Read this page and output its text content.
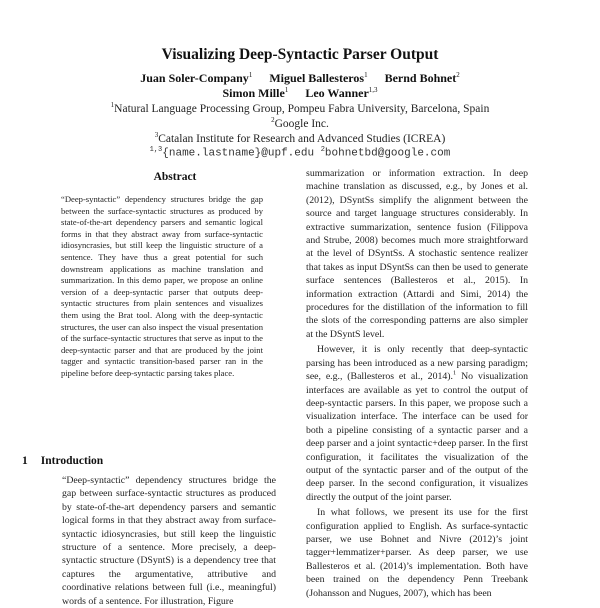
Visualizing Deep-Syntactic Parser Output
Juan Soler-Company$^1$ Miguel Ballesteros$^1$ Bernd Bohnet$^2$
Simon Mille$^1$ Leo Wanner$^{1,3}$
$^1$Natural Language Processing Group, Pompeu Fabra University, Barcelona, Spain
$^2$Google Inc.
$^3$Catalan Institute for Research and Advanced Studies (ICREA)
$^{1,3}${name.lastname}@upf.edu $^2$bohnetbd@google.com
Abstract

“Deep-syntactic” dependency structures bridge the gap between the surface-syntactic structures as produced by state-of-the-art dependency parsers and semantic logical forms in that they abstract away from surface-syntactic idiosyncrasies, but still keep the linguistic structure of a sentence. They have thus a great potential for such downstream applications as machine translation and summarization. In this demo paper, we propose an online version of a deep-syntactic parser that outputs deep-syntactic structures from plain sentences and visualizes them using the Brat tool. Along with the deep-syntactic structures, the user can also inspect the visual presentation of the surface-syntactic structures that serve as input to the deep-syntactic parser and that are produced by the joint tagger and syntactic transition-based parser ran in the pipeline before deep-syntactic parsing takes place.

1 Introduction

“Deep-syntactic” dependency structures bridge the gap between surface-syntactic structures as produced by state-of-the-art dependency parsers and semantic logical forms in that they abstract away from surface-syntactic idiosyncrasies, but still keep the linguistic structure of a sentence. More precisely, a deep-syntactic structure (DSyntS) is a dependency tree that captures the argumentative, attributive and coordinative relations between full (i.e., meaningful) words of a sentence. For illustration, Figure

summarization or information extraction. In deep machine translation as discussed, e.g., by Jones et al. (2012), DSyntSs simplify the alignment between the source and target language structures considerably. In extractive summarization, sentence fusion (Filippova and Strube, 2008) becomes much more straightforward at the level of DSyntSs. A stochastic sentence realizer that takes as input DSyntSs can then be used to generate surface sentences (Ballesteros et al., 2015). In information extraction (Attardi and Simi, 2014) the procedures for the distillation of the information to fill the slots of the corresponding patterns are also simpler at the DSyntS level.

However, it is only recently that deep-syntactic parsing has been introduced as a new parsing paradigm; see, e.g., (Ballesteros et al., 2014).$^1$ No visualization interfaces are available as yet to control the output of deep-syntactic parsers. In this paper, we propose such a visualization interface. The interface can be used for both a pipeline consisting of a syntactic parser and a deep parser and a joint syntactic+deep parser. In the first configuration, it facilitates the visualization of the output of the syntactic parser and of the output of the deep parser. In the second configuration, it visualizes directly the output of the joint parser.

In what follows, we present its use for the first configuration applied to English. As surface-syntactic parser, we use Bohnet and Nivre (2012)’s joint tagger+lemmatizer+parser. As deep parser, we use Ballesteros et al. (2014)’s implementation. Both have been trained on the dependency Penn Treebank (Johansson and Nugues, 2007), which has been
